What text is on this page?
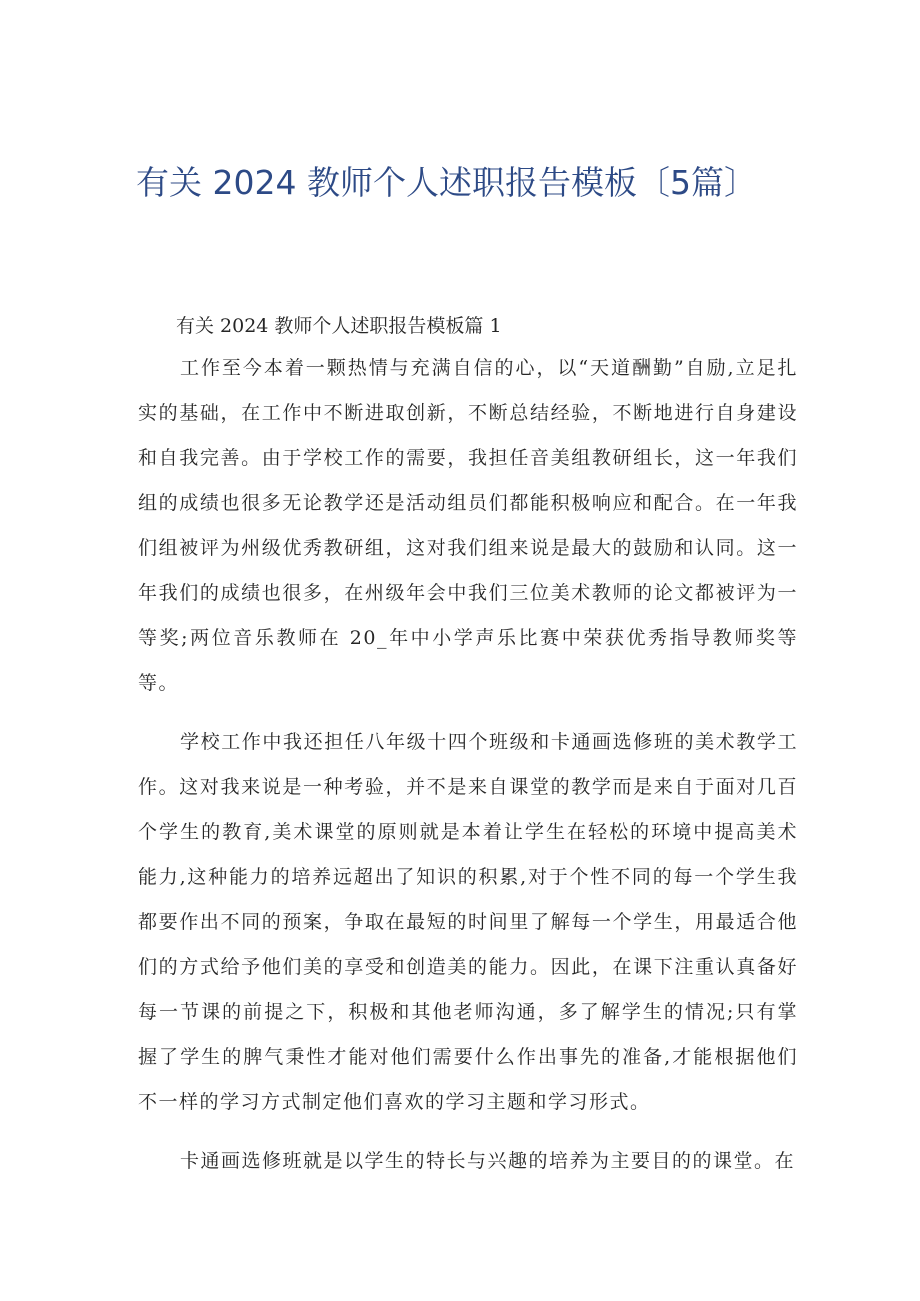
有关 2024 教师个人述职报告模板〔5篇〕
有关 2024 教师个人述职报告模板篇 1

工作至今本着一颗热情与充满自信的心，以“天道酬勤”自励,立足扎实的基础，在工作中不断进取创新，不断总结经验，不断地进行自身建设和自我完善。由于学校工作的需要，我担任音美组教研组长，这一年我们组的成绩也很多无论教学还是活动组员们都能积极响应和配合。在一年我们组被评为州级优秀教研组，这对我们组来说是最大的鼓励和认同。这一年我们的成绩也很多，在州级年会中我们三位美术教师的论文都被评为一等奖;两位音乐教师在 20_年中小学声乐比赛中荣获优秀指导教师奖等等。

学校工作中我还担任八年级十四个班级和卡通画选修班的美术教学工作。这对我来说是一种考验，并不是来自课堂的教学而是来自于面对几百个学生的教育,美术课堂的原则就是本着让学生在轻松的环境中提高美术能力,这种能力的培养远超出了知识的积累,对于个性不同的每一个学生我都要作出不同的预案，争取在最短的时间里了解每一个学生，用最适合他们的方式给予他们美的享受和创造美的能力。因此，在课下注重认真备好每一节课的前提之下，积极和其他老师沟通，多了解学生的情况;只有掌握了学生的脾气秉性才能对他们需要什么作出事先的准备,才能根据他们不一样的学习方式制定他们喜欢的学习主题和学习形式。

卡通画选修班就是以学生的特长与兴趣的培养为主要目的的课堂。在
